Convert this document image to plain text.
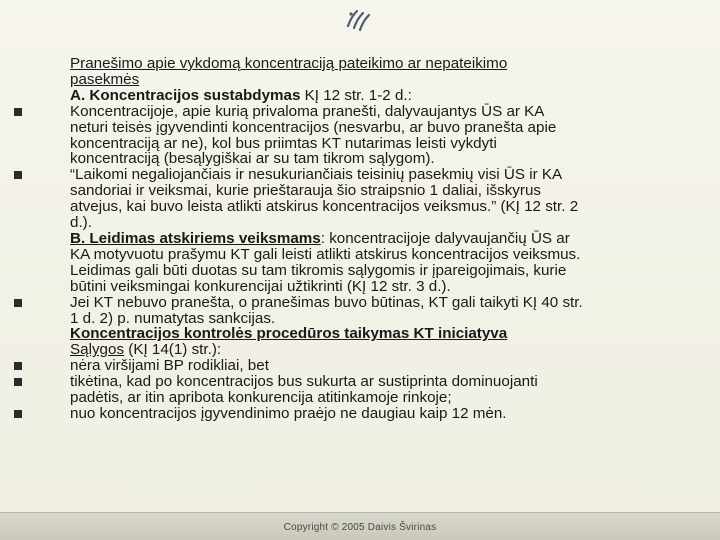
Pranešimo apie vykdomą koncentraciją pateikimo ar nepateikimo

pasekmės

A. Koncentracijos sustabdymas KĮ 12 str. 1-2 d.:

Koncentracijoje, apie kurią privaloma pranešti, dalyvaujantys ŪS ar KA

neturi teisės įgyvendinti koncentracijos (nesvarbu, ar buvo pranešta apie

koncentraciją ar ne), kol bus priimtas KT nutarimas leisti vykdyti

koncentraciją (besąlygiškai ar su tam tikrom sąlygom).

“Laikomi negaliojančiais ir nesukuriančiais teisinių pasekmių visi ŪS ir KA

sandoriai ir veiksmai, kurie prieštarauja šio straipsnio 1 daliai, išskyrus

atvejus, kai buvo leista atlikti atskirus koncentracijos veiksmus.” (KĮ 12 str. 2

d.).

B. Leidimas atskiriems veiksmams: koncentracijoje dalyvaujančių ŪS ar

KA motyvuotu prašymu KT gali leisti atlikti atskirus koncentracijos veiksmus.

Leidimas gali būti duotas su tam tikromis sąlygomis ir įpareigojimais, kurie

būtini veiksmingai konkurencijai užtikrinti (KĮ 12 str. 3 d.).

Jei KT nebuvo pranešta, o pranešimas buvo būtinas, KT gali taikyti KĮ 40 str.

1 d. 2) p. numatytas sankcijas.

Koncentracijos kontrolės procedūros taikymas KT iniciatyva

Sąlygos (KĮ 14(1) str.):

nėra viršijami BP rodikliai, bet

tikėtina, kad po koncentracijos bus sukurta ar sustiprinta dominuojanti

padėtis, ar itin apribota konkurencija atitinkamoje rinkoje;

nuo koncentracijos įgyvendinimo praėjo ne daugiau kaip 12 mėn.

Copyright © 2005 Daivis Švirinas
